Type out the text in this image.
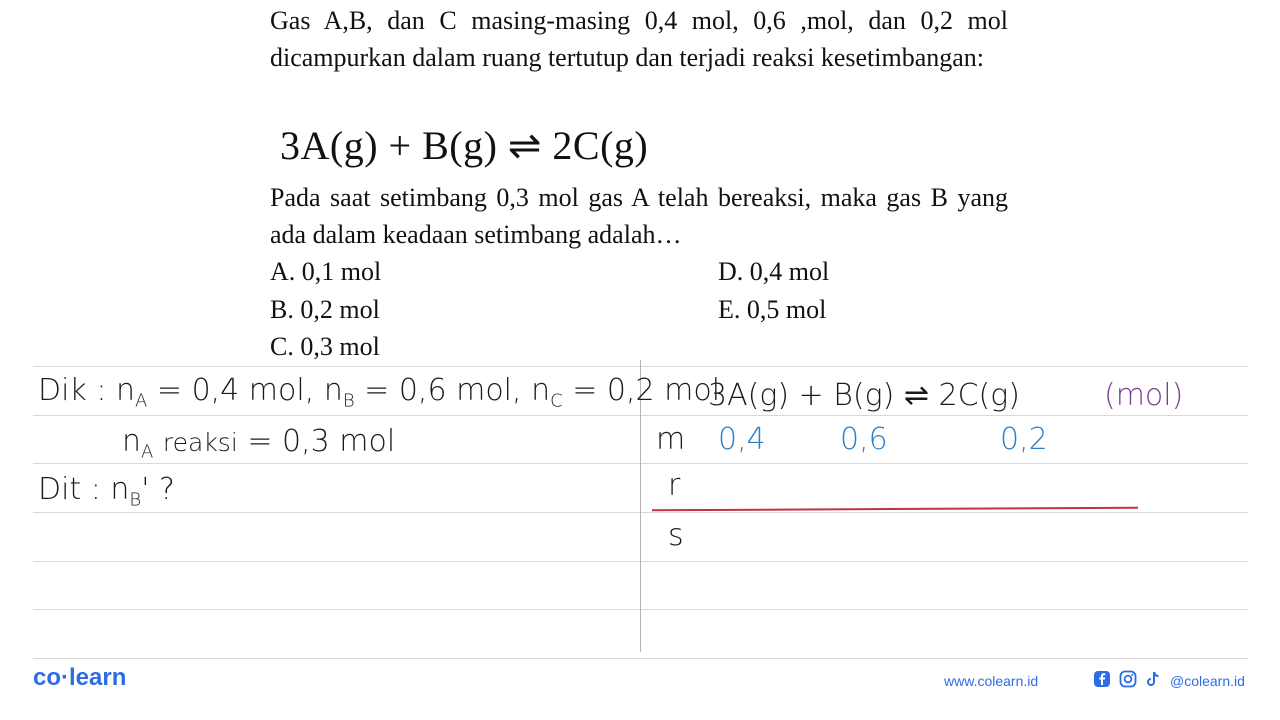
Gas A,B, dan C masing-masing 0,4 mol, 0,6 ,mol, dan 0,2 mol dicampurkan dalam ruang tertutup dan terjadi reaksi kesetimbangan:

3A(g) + B(g) ⇌ 2C(g)

Pada saat setimbang 0,3 mol gas A telah bereaksi, maka gas B yang ada dalam keadaan setimbang adalah…

A. 0,1 mol
B. 0,2 mol
C. 0,3 mol
D. 0,4 mol
E. 0,5 mol
Dik : $n_A = 0,4$ mol, $n_B = 0,6$ mol, $n_C = 0,2$ mol
$n_A$ reaksi = 0,3 mol
Dit : $n_B'$ ?
3A(g) + B(g) ⇌ 2C(g)	(mol)
m 0,4 0,6	0,2
r
s
co·learn	www.colearn.id	@colearn.id
